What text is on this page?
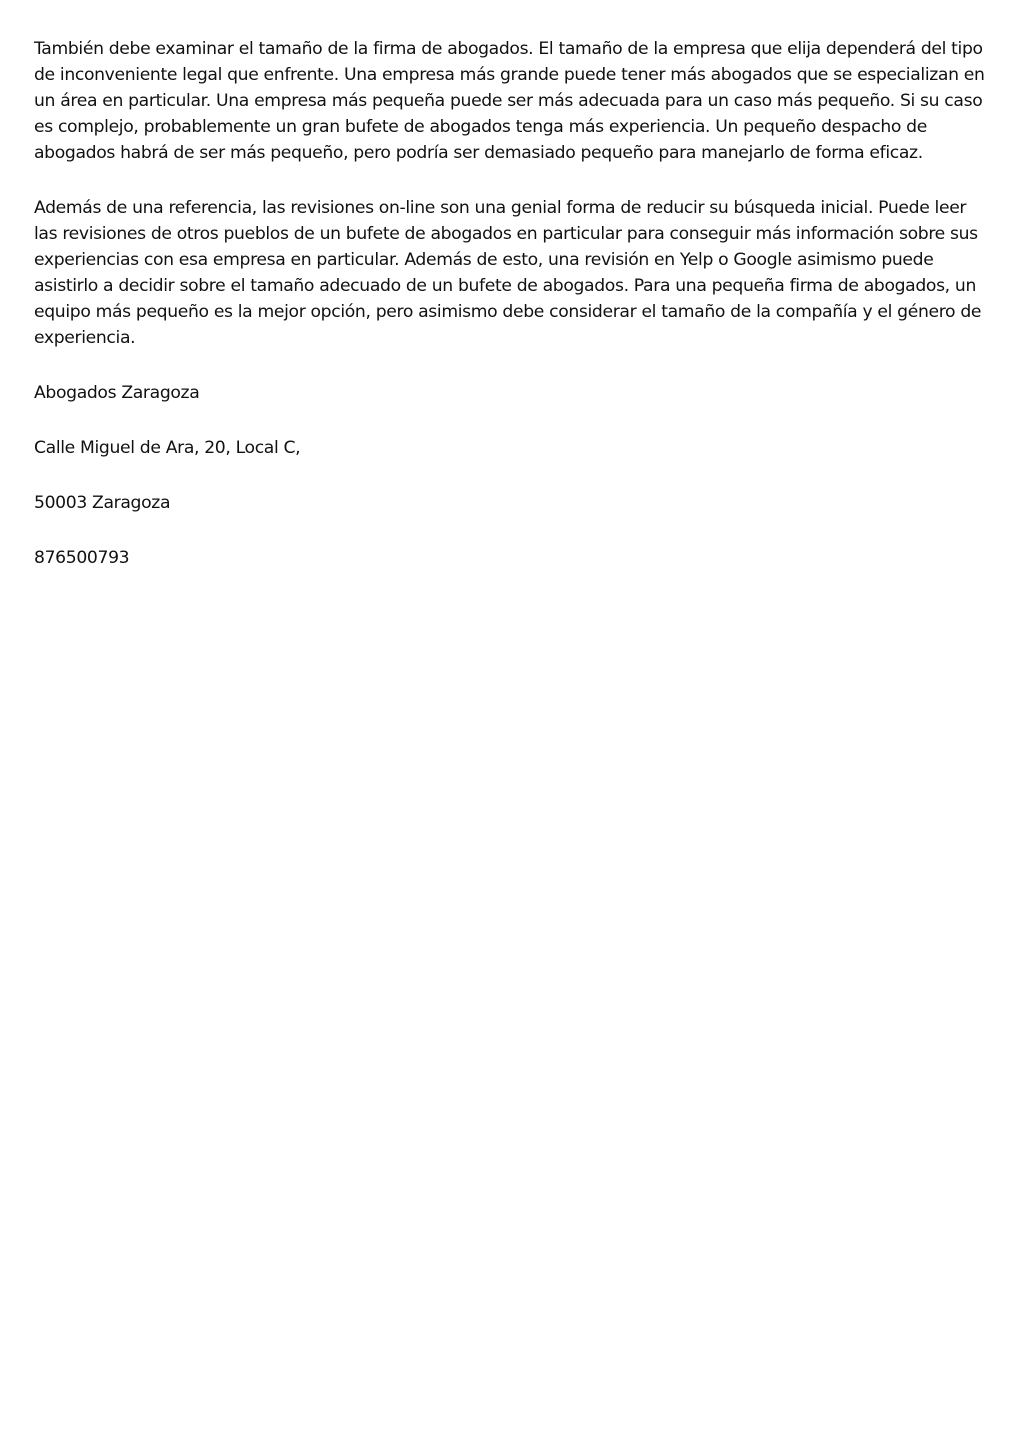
También debe examinar el tamaño de la firma de abogados. El tamaño de la empresa que elija dependerá del tipo de inconveniente legal que enfrente. Una empresa más grande puede tener más abogados que se especializan en un área en particular. Una empresa más pequeña puede ser más adecuada para un caso más pequeño. Si su caso es complejo, probablemente un gran bufete de abogados tenga más experiencia. Un pequeño despacho de abogados habrá de ser más pequeño, pero podría ser demasiado pequeño para manejarlo de forma eficaz.

Además de una referencia, las revisiones on-line son una genial forma de reducir su búsqueda inicial. Puede leer las revisiones de otros pueblos de un bufete de abogados en particular para conseguir más información sobre sus experiencias con esa empresa en particular. Además de esto, una revisión en Yelp o Google asimismo puede asistirlo a decidir sobre el tamaño adecuado de un bufete de abogados. Para una pequeña firma de abogados, un equipo más pequeño es la mejor opción, pero asimismo debe considerar el tamaño de la compañía y el género de experiencia.

Abogados Zaragoza

Calle Miguel de Ara, 20, Local C,

50003 Zaragoza

876500793
